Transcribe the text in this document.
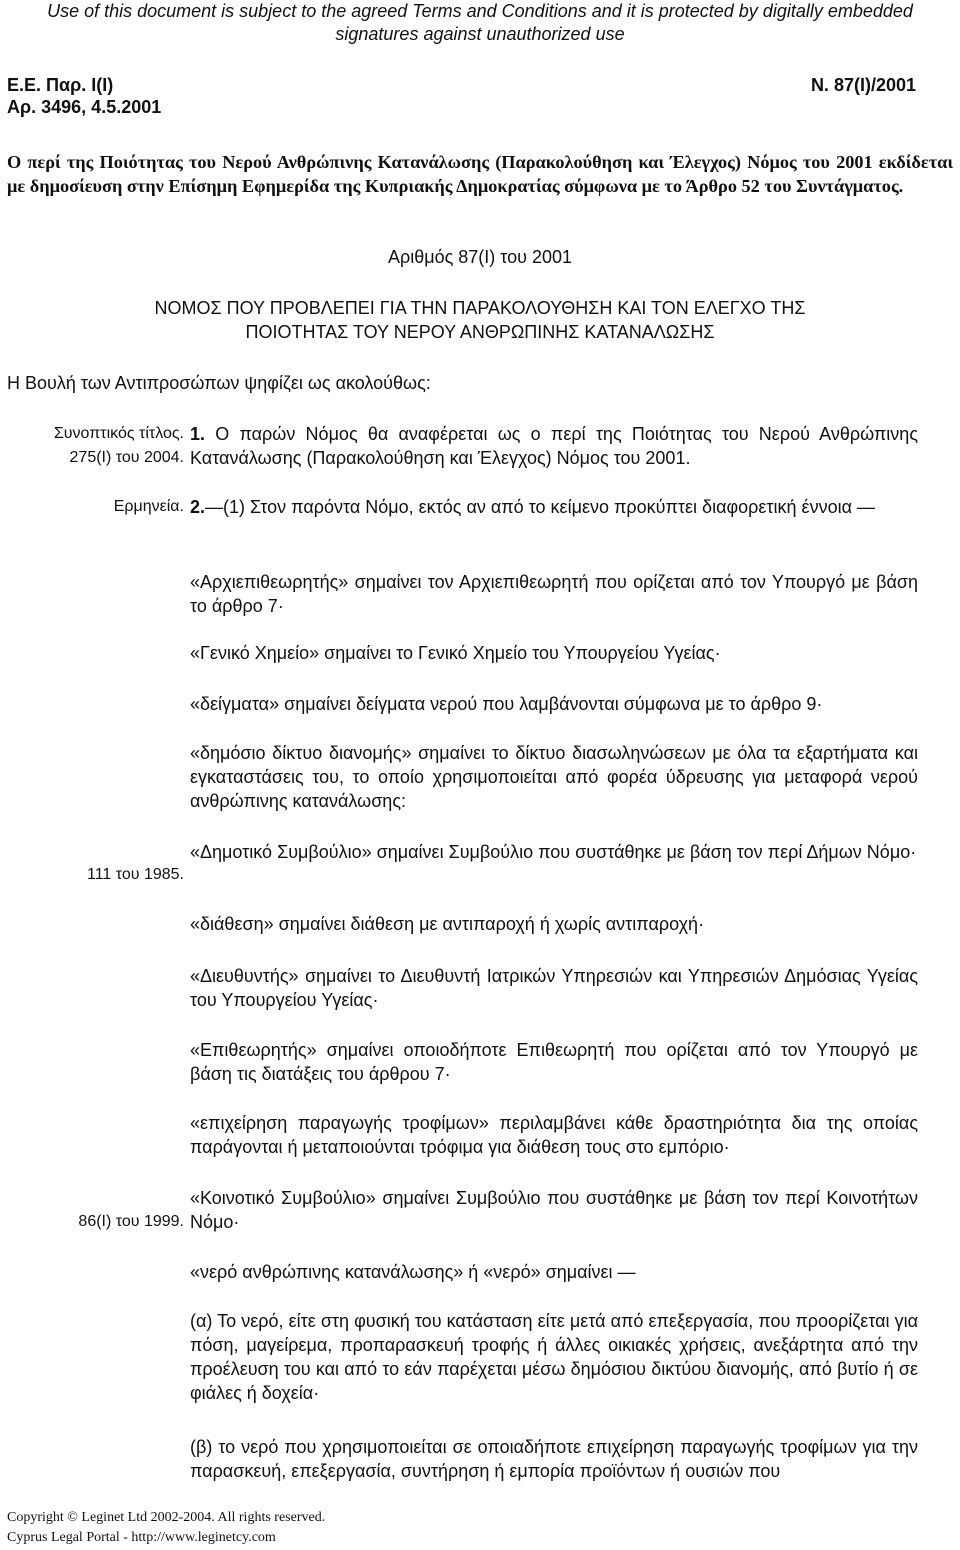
Use of this document is subject to the agreed Terms and Conditions and it is protected by digitally embedded
signatures against unauthorized use
Ε.Ε. Παρ. Ι(Ι)
Αρ. 3496, 4.5.2001
Ν. 87(Ι)/2001
Ο περί της Ποιότητας του Νερού Ανθρώπινης Κατανάλωσης (Παρακολούθηση και Έλεγχος) Νόμος του 2001 εκδίδεται με δημοσίευση στην Επίσημη Εφημερίδα της Κυπριακής Δημοκρατίας σύμφωνα με το Άρθρο 52 του Συντάγματος.
Αριθμός 87(Ι) του 2001
ΝΟΜΟΣ ΠΟΥ ΠΡΟΒΛΕΠΕΙ ΓΙΑ ΤΗΝ ΠΑΡΑΚΟΛΟΥΘΗΣΗ ΚΑΙ ΤΟΝ ΕΛΕΓΧΟ ΤΗΣ
ΠΟΙΟΤΗΤΑΣ ΤΟΥ ΝΕΡΟΥ ΑΝΘΡΩΠΙΝΗΣ ΚΑΤΑΝΑΛΩΣΗΣ
Η Βουλή των Αντιπροσώπων ψηφίζει ως ακολούθως:
Συνοπτικός τίτλος.
275(Ι) του 2004.
1. Ο παρών Νόμος θα αναφέρεται ως ο περί της Ποιότητας του Νερού Ανθρώπινης Κατανάλωσης (Παρακολούθηση και Έλεγχος) Νόμος του 2001.
Ερμηνεία. 2.—(1) Στον παρόντα Νόμο, εκτός αν από το κείμενο προκύπτει διαφορετική έννοια —
«Αρχιεπιθεωρητής» σημαίνει τον Αρχιεπιθεωρητή που ορίζεται από τον Υπουργό με βάση το άρθρο 7·
«Γενικό Χημείο» σημαίνει το Γενικό Χημείο του Υπουργείου Υγείας·
«δείγματα» σημαίνει δείγματα νερού που λαμβάνονται σύμφωνα με το άρθρο 9·
«δημόσιο δίκτυο διανομής» σημαίνει το δίκτυο διασωληνώσεων με όλα τα εξαρτήματα και εγκαταστάσεις του, το οποίο χρησιμοποιείται από φορέα ύδρευσης για μεταφορά νερού ανθρώπινης κατανάλωσης:
111 του 1985.
«Δημοτικό Συμβούλιο» σημαίνει Συμβούλιο που συστάθηκε με βάση τον περί Δήμων Νόμο·
«διάθεση» σημαίνει διάθεση με αντιπαροχή ή χωρίς αντιπαροχή·
«Διευθυντής» σημαίνει το Διευθυντή Ιατρικών Υπηρεσιών και Υπηρεσιών Δημόσιας Υγείας του Υπουργείου Υγείας·
«Επιθεωρητής» σημαίνει οποιοδήποτε Επιθεωρητή που ορίζεται από τον Υπουργό με βάση τις διατάξεις του άρθρου 7·
«επιχείρηση παραγωγής τροφίμων» περιλαμβάνει κάθε δραστηριότητα δια της οποίας παράγονται ή μεταποιούνται τρόφιμα για διάθεση τους στο εμπόριο·
86(Ι) του 1999.
«Κοινοτικό Συμβούλιο» σημαίνει Συμβούλιο που συστάθηκε με βάση τον περί Κοινοτήτων Νόμο·
«νερό ανθρώπινης κατανάλωσης» ή «νερό» σημαίνει —
(α) Το νερό, είτε στη φυσική του κατάσταση είτε μετά από επεξεργασία, που προορίζεται για πόση, μαγείρεμα, προπαρασκευή τροφής ή άλλες οικιακές χρήσεις, ανεξάρτητα από την προέλευση του και από το εάν παρέχεται μέσω δημόσιου δικτύου διανομής, από βυτίο ή σε φιάλες ή δοχεία·
(β) το νερό που χρησιμοποιείται σε οποιαδήποτε επιχείρηση παραγωγής τροφίμων για την παρασκευή, επεξεργασία, συντήρηση ή εμπορία προϊόντων ή ουσιών που
Copyright © Leginet Ltd 2002-2004. All rights reserved.
Cyprus Legal Portal - http://www.leginetcy.com
